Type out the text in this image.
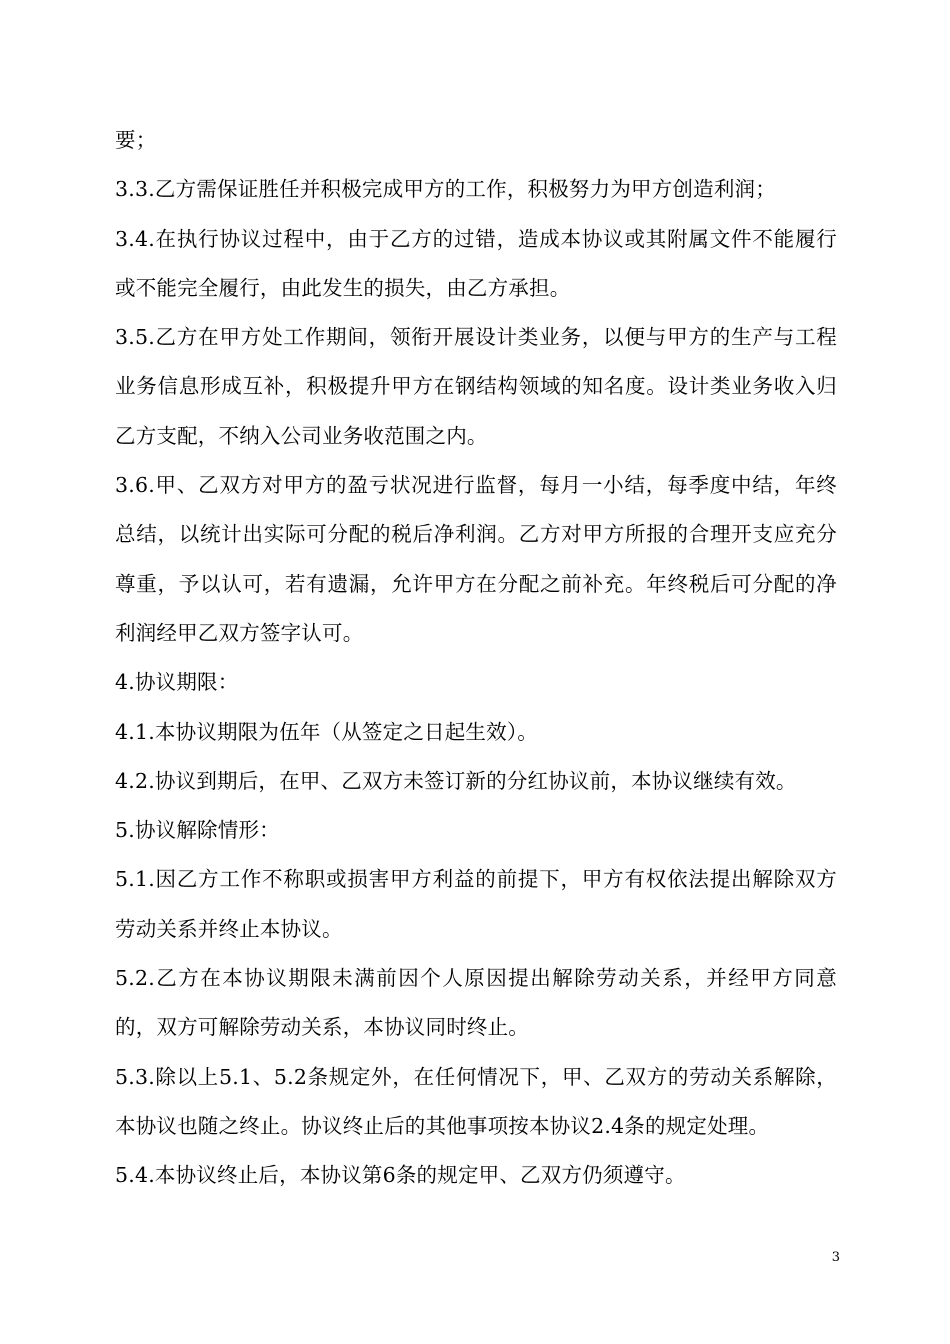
要；

3.3.乙方需保证胜任并积极完成甲方的工作，积极努力为甲方创造利润；

3.4.在执行协议过程中，由于乙方的过错，造成本协议或其附属文件不能履行或不能完全履行，由此发生的损失，由乙方承担。

3.5.乙方在甲方处工作期间，领衔开展设计类业务，以便与甲方的生产与工程业务信息形成互补，积极提升甲方在钢结构领域的知名度。设计类业务收入归乙方支配，不纳入公司业务收范围之内。

3.6.甲、乙双方对甲方的盈亏状况进行监督，每月一小结，每季度中结，年终总结，以统计出实际可分配的税后净利润。乙方对甲方所报的合理开支应充分尊重，予以认可，若有遗漏，允许甲方在分配之前补充。年终税后可分配的净利润经甲乙双方签字认可。

4.协议期限：

4.1.本协议期限为伍年（从签定之日起生效）。

4.2.协议到期后，在甲、乙双方未签订新的分红协议前，本协议继续有效。

5.协议解除情形：

5.1.因乙方工作不称职或损害甲方利益的前提下，甲方有权依法提出解除双方劳动关系并终止本协议。

5.2.乙方在本协议期限未满前因个人原因提出解除劳动关系，并经甲方同意的，双方可解除劳动关系，本协议同时终止。

5.3.除以上5.1、5.2条规定外，在任何情况下，甲、乙双方的劳动关系解除，本协议也随之终止。协议终止后的其他事项按本协议2.4条的规定处理。

5.4.本协议终止后，本协议第6条的规定甲、乙双方仍须遵守。

3
